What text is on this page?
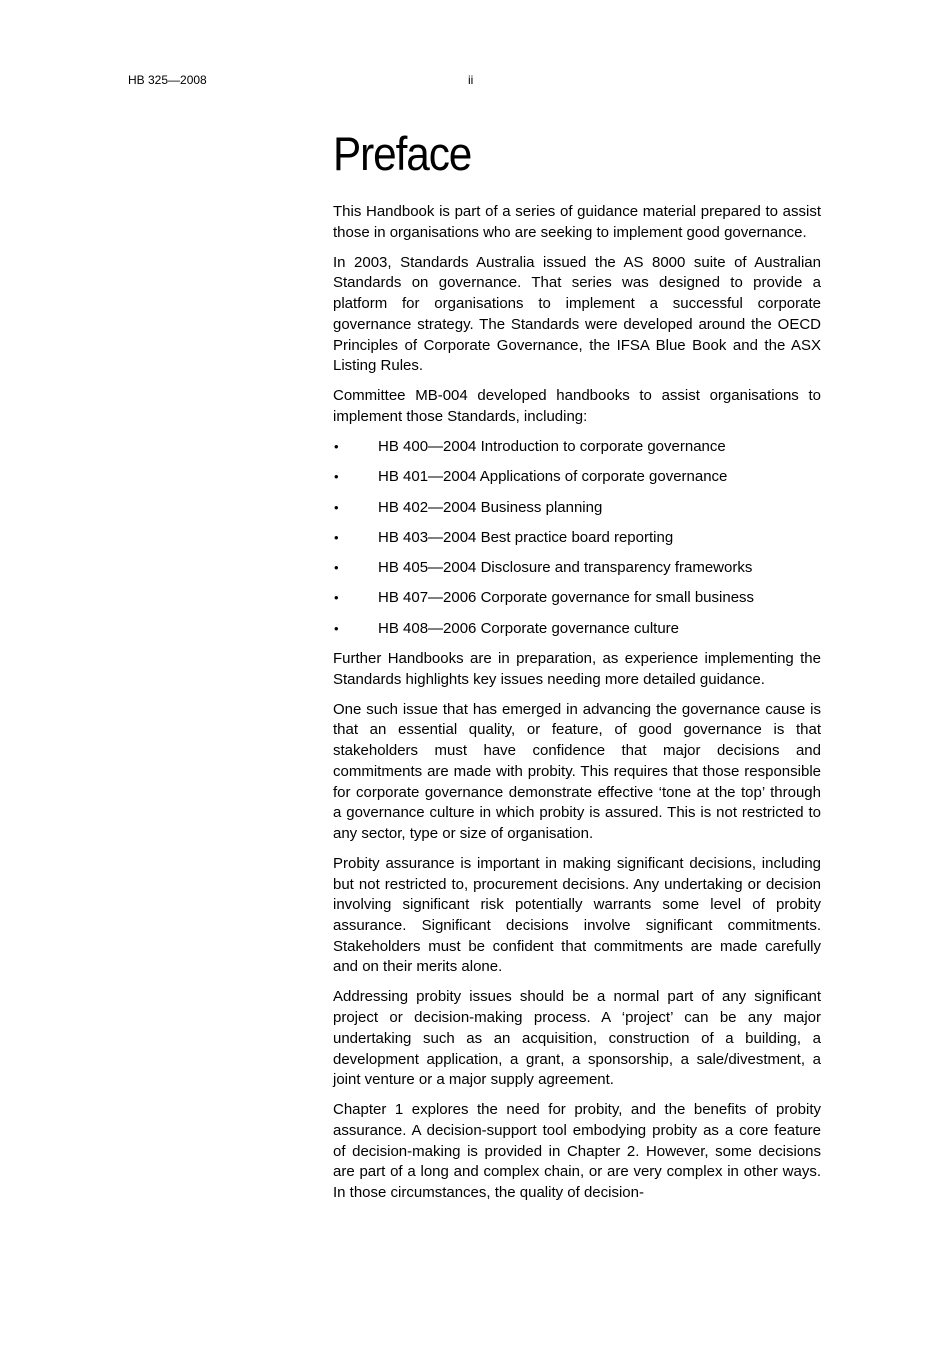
HB 325—2008	ii
Preface

This Handbook is part of a series of guidance material prepared to assist those in organisations who are seeking to implement good governance.

In 2003, Standards Australia issued the AS 8000 suite of Australian Standards on governance. That series was designed to provide a platform for organisations to implement a successful corporate governance strategy. The Standards were developed around the OECD Principles of Corporate Governance, the IFSA Blue Book and the ASX Listing Rules.

Committee MB-004 developed handbooks to assist organisations to implement those Standards, including:

•	HB 400—2004 Introduction to corporate governance
•	HB 401—2004 Applications of corporate governance
•	HB 402—2004 Business planning
•	HB 403—2004 Best practice board reporting
•	HB 405—2004 Disclosure and transparency frameworks
•	HB 407—2006 Corporate governance for small business
•	HB 408—2006 Corporate governance culture

Further Handbooks are in preparation, as experience implementing the Standards highlights key issues needing more detailed guidance.

One such issue that has emerged in advancing the governance cause is that an essential quality, or feature, of good governance is that stakeholders must have confidence that major decisions and commitments are made with probity. This requires that those responsible for corporate governance demonstrate effective ‘tone at the top’ through a governance culture in which probity is assured. This is not restricted to any sector, type or size of organisation.

Probity assurance is important in making significant decisions, including but not restricted to, procurement decisions. Any undertaking or decision involving significant risk potentially warrants some level of probity assurance. Significant decisions involve significant commitments. Stakeholders must be confident that commitments are made carefully and on their merits alone.

Addressing probity issues should be a normal part of any significant project or decision-making process. A ‘project’ can be any major undertaking such as an acquisition, construction of a building, a development application, a grant, a sponsorship, a sale/divestment, a joint venture or a major supply agreement.

Chapter 1 explores the need for probity, and the benefits of probity assurance. A decision-support tool embodying probity as a core feature of decision-making is provided in Chapter 2. However, some decisions are part of a long and complex chain, or are very complex in other ways. In those circumstances, the quality of decision-
